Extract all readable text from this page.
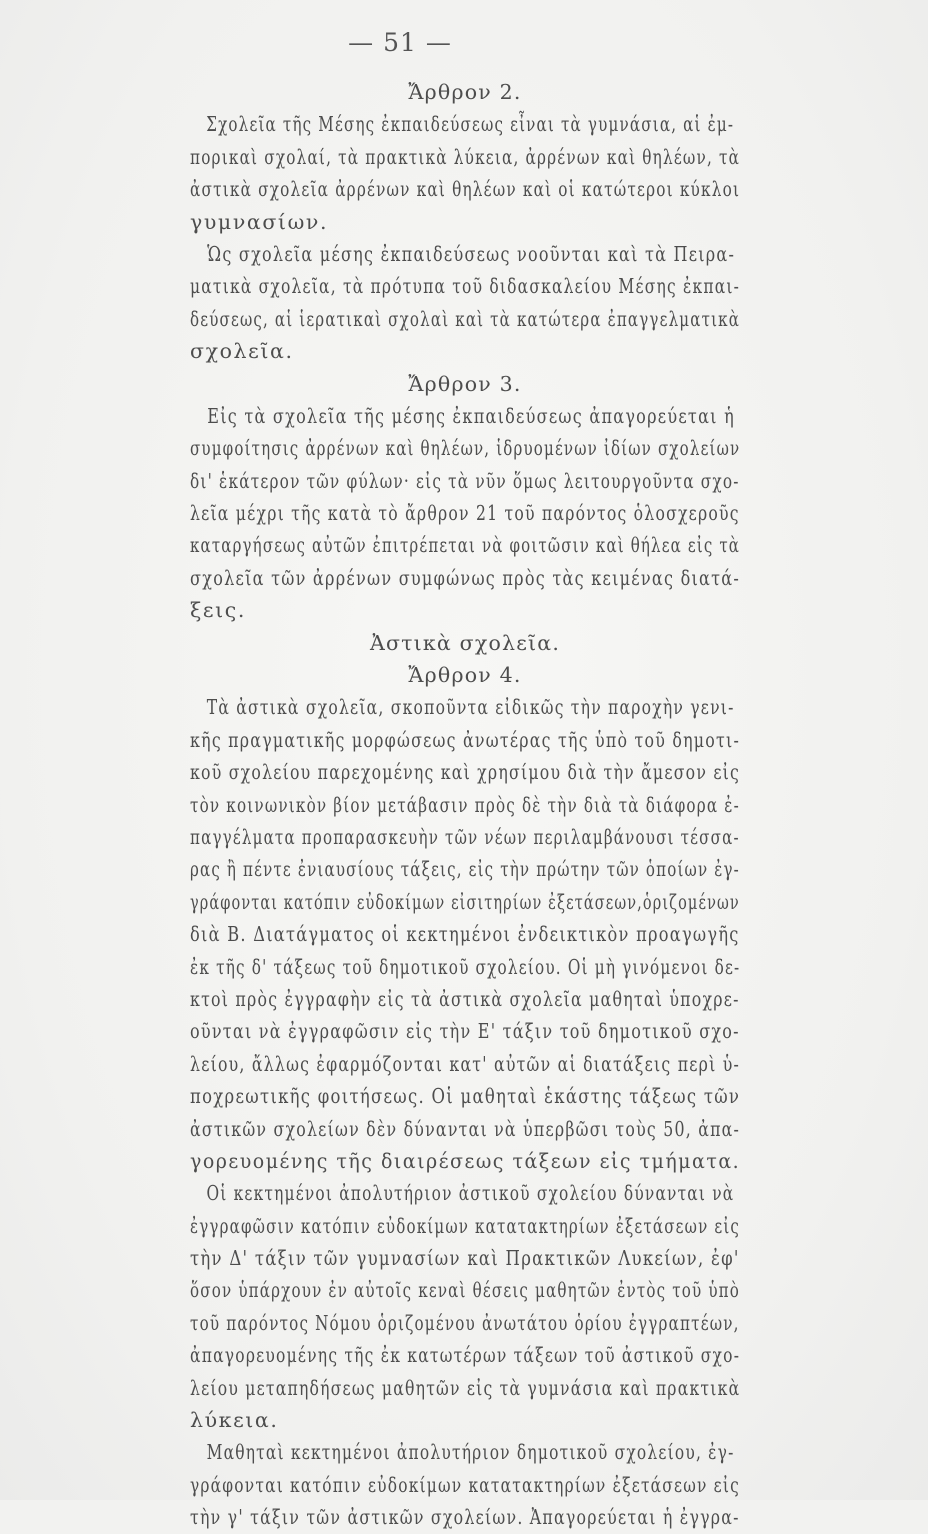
— 51 —
Ἄρθρον 2.
Σχολεῖα τῆς Μέσης ἐκπαιδεύσεως εἶναι τὰ γυμνάσια, αἱ ἐμ-
πορικαὶ σχολαί, τὰ πρακτικὰ λύκεια, ἀρρένων καὶ θηλέων, τὰ
ἀστικὰ σχολεῖα ἀρρένων καὶ θηλέων καὶ οἱ κατώτεροι κύκλοι
γυμνασίων.
Ὡς σχολεῖα μέσης ἐκπαιδεύσεως νοοῦνται καὶ τὰ Πειρα-
ματικὰ σχολεῖα, τὰ πρότυπα τοῦ διδασκαλείου Μέσης ἐκπαι-
δεύσεως, αἱ ἱερατικαὶ σχολαὶ καὶ τὰ κατώτερα ἐπαγγελματικὰ
σχολεῖα.
Ἄρθρον 3.
Εἰς τὰ σχολεῖα τῆς μέσης ἐκπαιδεύσεως ἀπαγορεύεται ἡ
συμφοίτησις ἀρρένων καὶ θηλέων, ἱδρυομένων ἰδίων σχολείων
δι' ἑκάτερον τῶν φύλων· εἰς τὰ νῦν ὅμως λειτουργοῦντα σχο-
λεῖα μέχρι τῆς κατὰ τὸ ἄρθρον 21 τοῦ παρόντος ὁλοσχεροῦς
καταργήσεως αὐτῶν ἐπιτρέπεται νὰ φοιτῶσιν καὶ θήλεα εἰς τὰ
σχολεῖα τῶν ἀρρένων συμφώνως πρὸς τὰς κειμένας διατά-
ξεις.
Ἀστικὰ σχολεῖα.
Ἄρθρον 4.
Τὰ ἀστικὰ σχολεῖα, σκοποῦντα εἰδικῶς τὴν παροχὴν γενι-
κῆς πραγματικῆς μορφώσεως ἀνωτέρας τῆς ὑπὸ τοῦ δημοτι-
κοῦ σχολείου παρεχομένης καὶ χρησίμου διὰ τὴν ἄμεσον εἰς
τὸν κοινωνικὸν βίον μετάβασιν πρὸς δὲ τὴν διὰ τὰ διάφορα ἐ-
παγγέλματα προπαρασκευὴν τῶν νέων περιλαμβάνουσι τέσσα-
ρας ἢ πέντε ἐνιαυσίους τάξεις, εἰς τὴν πρώτην τῶν ὁποίων ἐγ-
γράφονται κατόπιν εὐδοκίμων εἰσιτηρίων ἐξετάσεων,ὁριζομένων
διὰ Β. Διατάγματος οἱ κεκτημένοι ἐνδεικτικὸν προαγωγῆς
ἐκ τῆς δ' τάξεως τοῦ δημοτικοῦ σχολείου. Οἱ μὴ γινόμενοι δε-
κτοὶ πρὸς ἐγγραφὴν εἰς τὰ ἀστικὰ σχολεῖα μαθηταὶ ὑποχρε-
οῦνται νὰ ἐγγραφῶσιν εἰς τὴν Ε' τάξιν τοῦ δημοτικοῦ σχο-
λείου, ἄλλως ἐφαρμόζονται κατ' αὐτῶν αἱ διατάξεις περὶ ὑ-
ποχρεωτικῆς φοιτήσεως. Οἱ μαθηταὶ ἑκάστης τάξεως τῶν
ἀστικῶν σχολείων δὲν δύνανται νὰ ὑπερβῶσι τοὺς 50, ἀπα-
γορευομένης τῆς διαιρέσεως τάξεων εἰς τμήματα.
Οἱ κεκτημένοι ἀπολυτήριον ἀστικοῦ σχολείου δύνανται νὰ
ἐγγραφῶσιν κατόπιν εὐδοκίμων κατατακτηρίων ἐξετάσεων εἰς
τὴν Δ' τάξιν τῶν γυμνασίων καὶ Πρακτικῶν Λυκείων, ἐφ'
ὅσον ὑπάρχουν ἐν αὐτοῖς κεναὶ θέσεις μαθητῶν ἐντὸς τοῦ ὑπὸ
τοῦ παρόντος Νόμου ὁριζομένου ἀνωτάτου ὁρίου ἐγγραπτέων,
ἀπαγορευομένης τῆς ἐκ κατωτέρων τάξεων τοῦ ἀστικοῦ σχο-
λείου μεταπηδήσεως μαθητῶν εἰς τὰ γυμνάσια καὶ πρακτικὰ
λύκεια.
Μαθηταὶ κεκτημένοι ἀπολυτήριον δημοτικοῦ σχολείου, ἐγ-
γράφονται κατόπιν εὐδοκίμων κατατακτηρίων ἐξετάσεων εἰς
τὴν γ' τάξιν τῶν ἀστικῶν σχολείων. Ἀπαγορεύεται ἡ ἐγγρα-
